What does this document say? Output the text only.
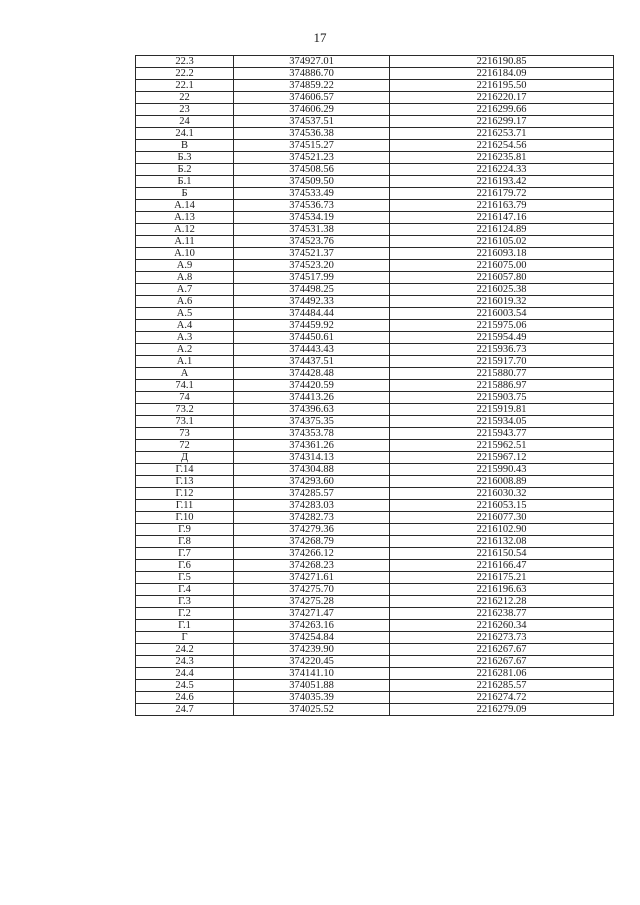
17
22.3	374927.01	2216190.85
22.2	374886.70	2216184.09
22.1	374859.22	2216195.50
22	374606.57	2216220.17
23	374606.29	2216299.66
24	374537.51	2216299.17
24.1	374536.38	2216253.71
В	374515.27	2216254.56
Б.3	374521.23	2216235.81
Б.2	374508.56	2216224.33
Б.1	374509.50	2216193.42
Б	374533.49	2216179.72
А.14	374536.73	2216163.79
А.13	374534.19	2216147.16
А.12	374531.38	2216124.89
А.11	374523.76	2216105.02
А.10	374521.37	2216093.18
А.9	374523.20	2216075.00
А.8	374517.99	2216057.80
А.7	374498.25	2216025.38
А.6	374492.33	2216019.32
А.5	374484.44	2216003.54
А.4	374459.92	2215975.06
А.3	374450.61	2215954.49
А.2	374443.43	2215936.73
А.1	374437.51	2215917.70
А	374428.48	2215880.77
74.1	374420.59	2215886.97
74	374413.26	2215903.75
73.2	374396.63	2215919.81
73.1	374375.35	2215934.05
73	374353.78	2215943.77
72	374361.26	2215962.51
Д	374314.13	2215967.12
Г.14	374304.88	2215990.43
Г.13	374293.60	2216008.89
Г.12	374285.57	2216030.32
Г.11	374283.03	2216053.15
Г.10	374282.73	2216077.30
Г.9	374279.36	2216102.90
Г.8	374268.79	2216132.08
Г.7	374266.12	2216150.54
Г.6	374268.23	2216166.47
Г.5	374271.61	2216175.21
Г.4	374275.70	2216196.63
Г.3	374275.28	2216212.28
Г.2	374271.47	2216238.77
Г.1	374263.16	2216260.34
Г	374254.84	2216273.73
24.2	374239.90	2216267.67
24.3	374220.45	2216267.67
24.4	374141.10	2216281.06
24.5	374051.88	2216285.57
24.6	374035.39	2216274.72
24.7	374025.52	2216279.09
